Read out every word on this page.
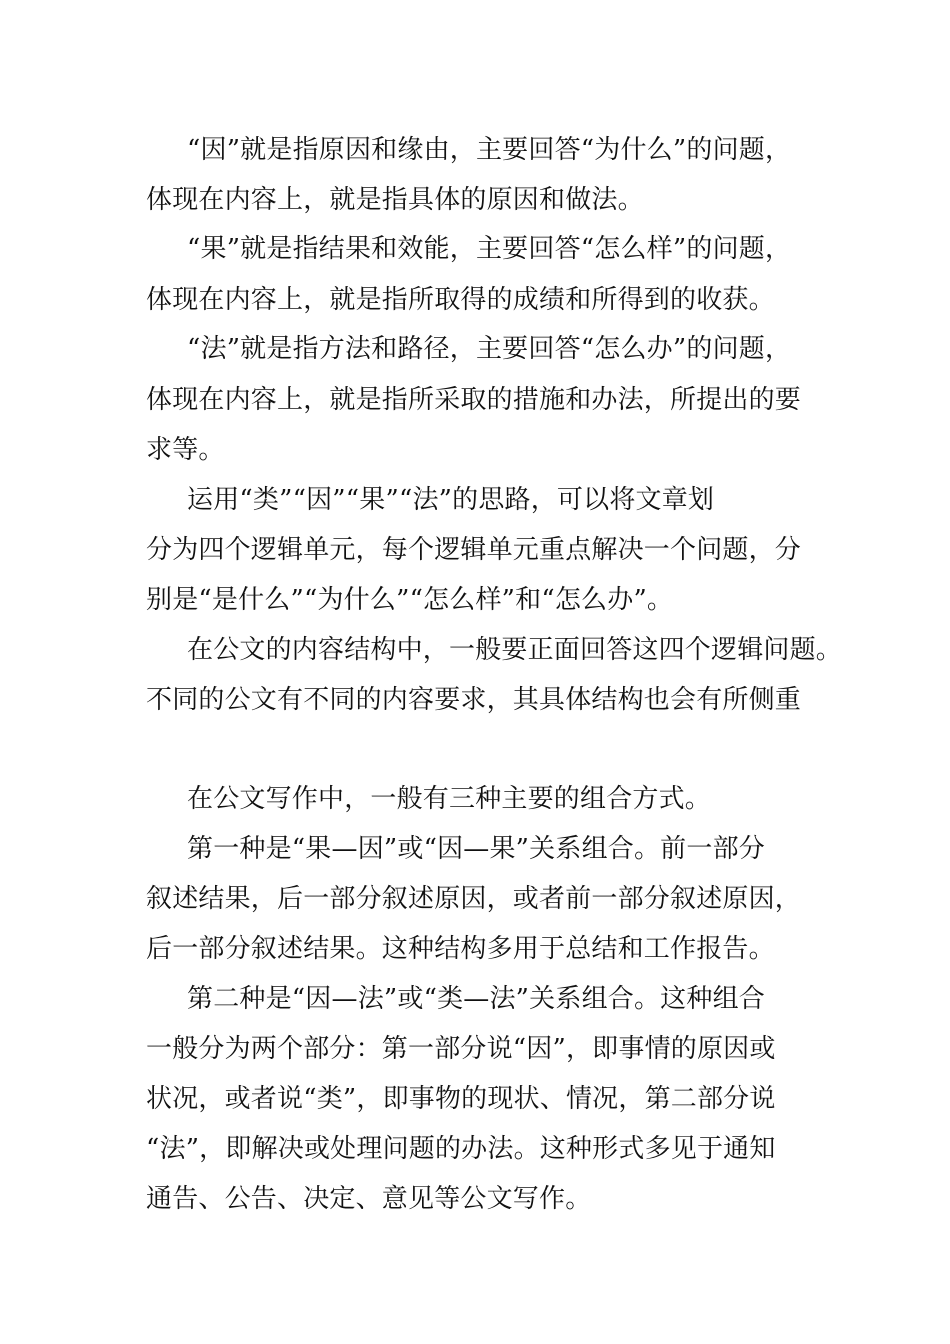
“因”就是指原因和缘由，主要回答“为什么”的问题，
体现在内容上，就是指具体的原因和做法。
“果”就是指结果和效能，主要回答“怎么样”的问题，
体现在内容上，就是指所取得的成绩和所得到的收获。
“法”就是指方法和路径，主要回答“怎么办”的问题，
体现在内容上，就是指所采取的措施和办法，所提出的要
求等。
运用“类”“因”“果”“法”的思路，可以将文章划
分为四个逻辑单元，每个逻辑单元重点解决一个问题，分
别是“是什么”“为什么”“怎么样”和“怎么办”。
在公文的内容结构中，一般要正面回答这四个逻辑问题。
不同的公文有不同的内容要求，其具体结构也会有所侧重
在公文写作中，一般有三种主要的组合方式。
第一种是“果—因”或“因—果”关系组合。前一部分
叙述结果，后一部分叙述原因，或者前一部分叙述原因，
后一部分叙述结果。这种结构多用于总结和工作报告。
第二种是“因—法”或“类—法”关系组合。这种组合
一般分为两个部分：第一部分说“因”，即事情的原因或
状况，或者说“类”，即事物的现状、情况，第二部分说
“法”，即解决或处理问题的办法。这种形式多见于通知
通告、公告、决定、意见等公文写作。
